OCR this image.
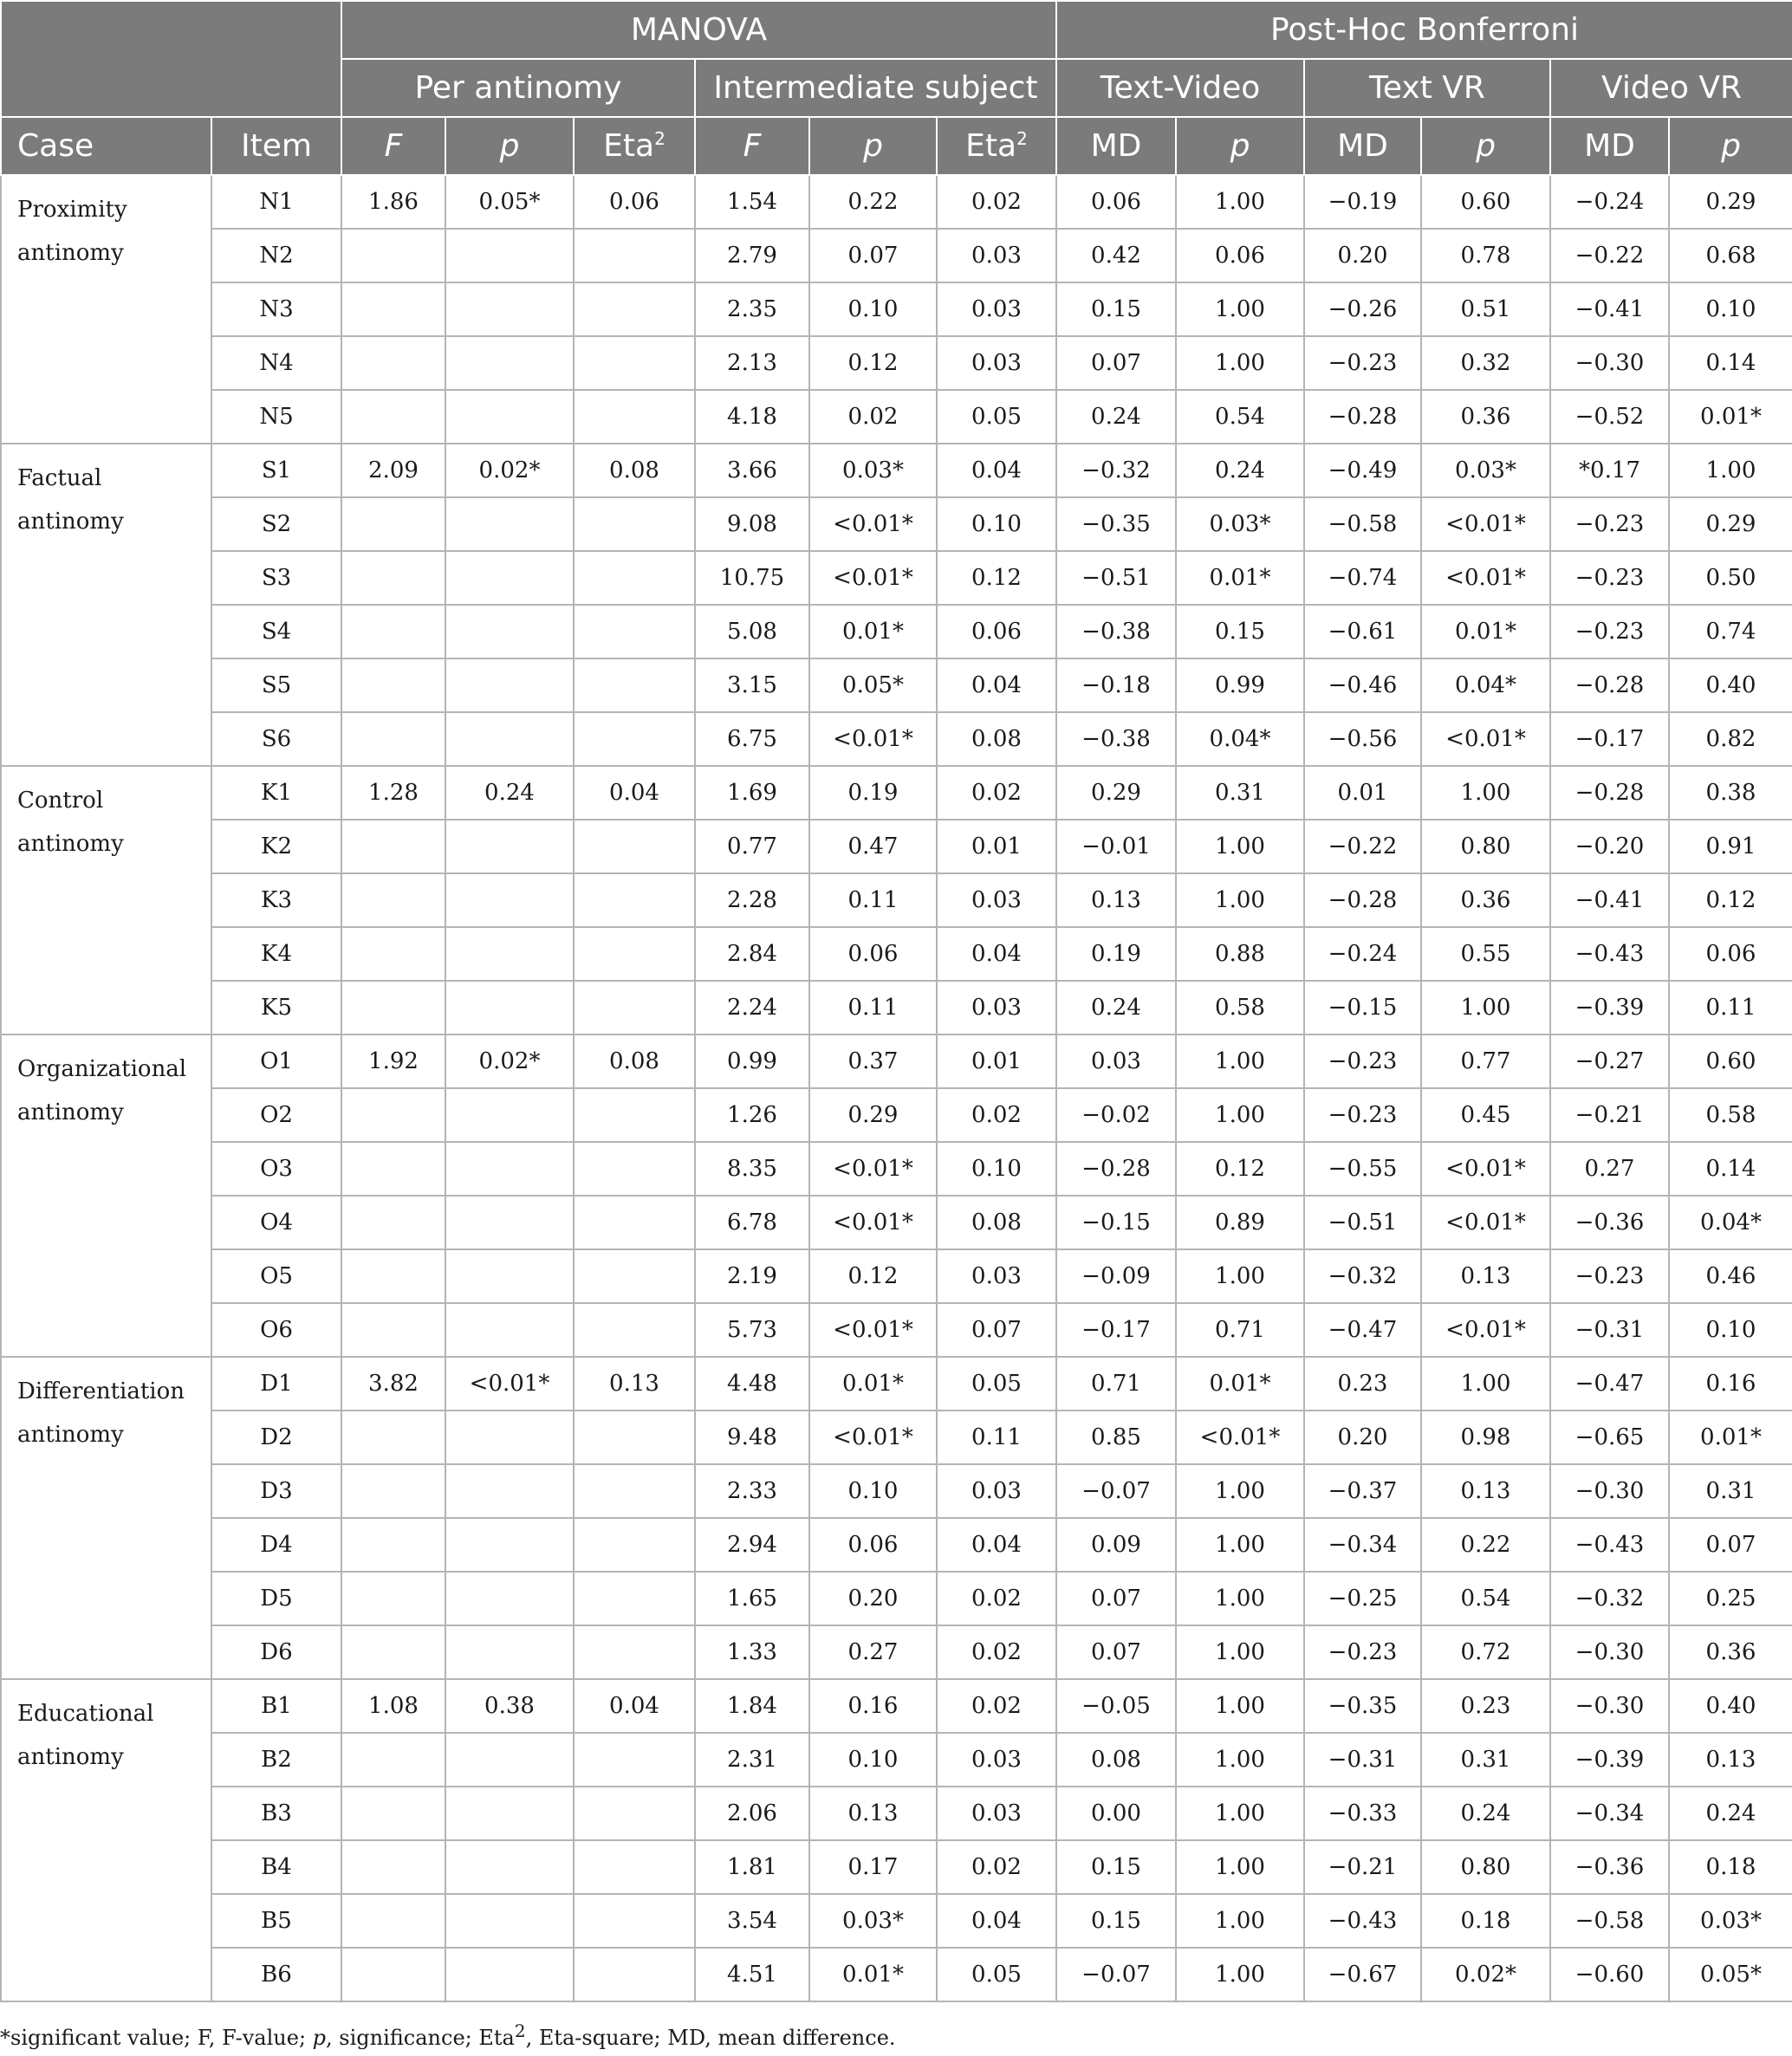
		MANOVA						Post-Hoc Bonferroni					
		Per antinomy			Intermediate subject			Text-Video		Text VR		Video VR	
Case	Item	F	p	Eta$^2$	F	p	Eta$^2$	MD	p	MD	p	MD	p
Proximity antinomy	N1	1.86	0.05*	0.06	1.54	0.22	0.02	0.06	1.00	−0.19	0.60	−0.24	0.29
	N2				2.79	0.07	0.03	0.42	0.06	0.20	0.78	−0.22	0.68
	N3				2.35	0.10	0.03	0.15	1.00	−0.26	0.51	−0.41	0.10
	N4				2.13	0.12	0.03	0.07	1.00	−0.23	0.32	−0.30	0.14
	N5				4.18	0.02	0.05	0.24	0.54	−0.28	0.36	−0.52	0.01*
Factual antinomy	S1	2.09	0.02*	0.08	3.66	0.03*	0.04	−0.32	0.24	−0.49	0.03*	*0.17	1.00
	S2				9.08	<0.01*	0.10	−0.35	0.03*	−0.58	<0.01*	−0.23	0.29
	S3				10.75	<0.01*	0.12	−0.51	0.01*	−0.74	<0.01*	−0.23	0.50
	S4				5.08	0.01*	0.06	−0.38	0.15	−0.61	0.01*	−0.23	0.74
	S5				3.15	0.05*	0.04	−0.18	0.99	−0.46	0.04*	−0.28	0.40
	S6				6.75	<0.01*	0.08	−0.38	0.04*	−0.56	<0.01*	−0.17	0.82
Control antinomy	K1	1.28	0.24	0.04	1.69	0.19	0.02	0.29	0.31	0.01	1.00	−0.28	0.38
	K2				0.77	0.47	0.01	−0.01	1.00	−0.22	0.80	−0.20	0.91
	K3				2.28	0.11	0.03	0.13	1.00	−0.28	0.36	−0.41	0.12
	K4				2.84	0.06	0.04	0.19	0.88	−0.24	0.55	−0.43	0.06
	K5				2.24	0.11	0.03	0.24	0.58	−0.15	1.00	−0.39	0.11
Organizational antinomy	O1	1.92	0.02*	0.08	0.99	0.37	0.01	0.03	1.00	−0.23	0.77	−0.27	0.60
	O2				1.26	0.29	0.02	−0.02	1.00	−0.23	0.45	−0.21	0.58
	O3				8.35	<0.01*	0.10	−0.28	0.12	−0.55	<0.01*	0.27	0.14
	O4				6.78	<0.01*	0.08	−0.15	0.89	−0.51	<0.01*	−0.36	0.04*
	O5				2.19	0.12	0.03	−0.09	1.00	−0.32	0.13	−0.23	0.46
	O6				5.73	<0.01*	0.07	−0.17	0.71	−0.47	<0.01*	−0.31	0.10
Differentiation antinomy	D1	3.82	<0.01*	0.13	4.48	0.01*	0.05	0.71	0.01*	0.23	1.00	−0.47	0.16
	D2				9.48	<0.01*	0.11	0.85	<0.01*	0.20	0.98	−0.65	0.01*
	D3				2.33	0.10	0.03	−0.07	1.00	−0.37	0.13	−0.30	0.31
	D4				2.94	0.06	0.04	0.09	1.00	−0.34	0.22	−0.43	0.07
	D5				1.65	0.20	0.02	0.07	1.00	−0.25	0.54	−0.32	0.25
	D6				1.33	0.27	0.02	0.07	1.00	−0.23	0.72	−0.30	0.36
Educational antinomy	B1	1.08	0.38	0.04	1.84	0.16	0.02	−0.05	1.00	−0.35	0.23	−0.30	0.40
	B2				2.31	0.10	0.03	0.08	1.00	−0.31	0.31	−0.39	0.13
	B3				2.06	0.13	0.03	0.00	1.00	−0.33	0.24	−0.34	0.24
	B4				1.81	0.17	0.02	0.15	1.00	−0.21	0.80	−0.36	0.18
	B5				3.54	0.03*	0.04	0.15	1.00	−0.43	0.18	−0.58	0.03*
	B6				4.51	0.01*	0.05	−0.07	1.00	−0.67	0.02*	−0.60	0.05*
*significant value; F, F-value; p, significance; Eta$^2$, Eta-square; MD, mean difference.
